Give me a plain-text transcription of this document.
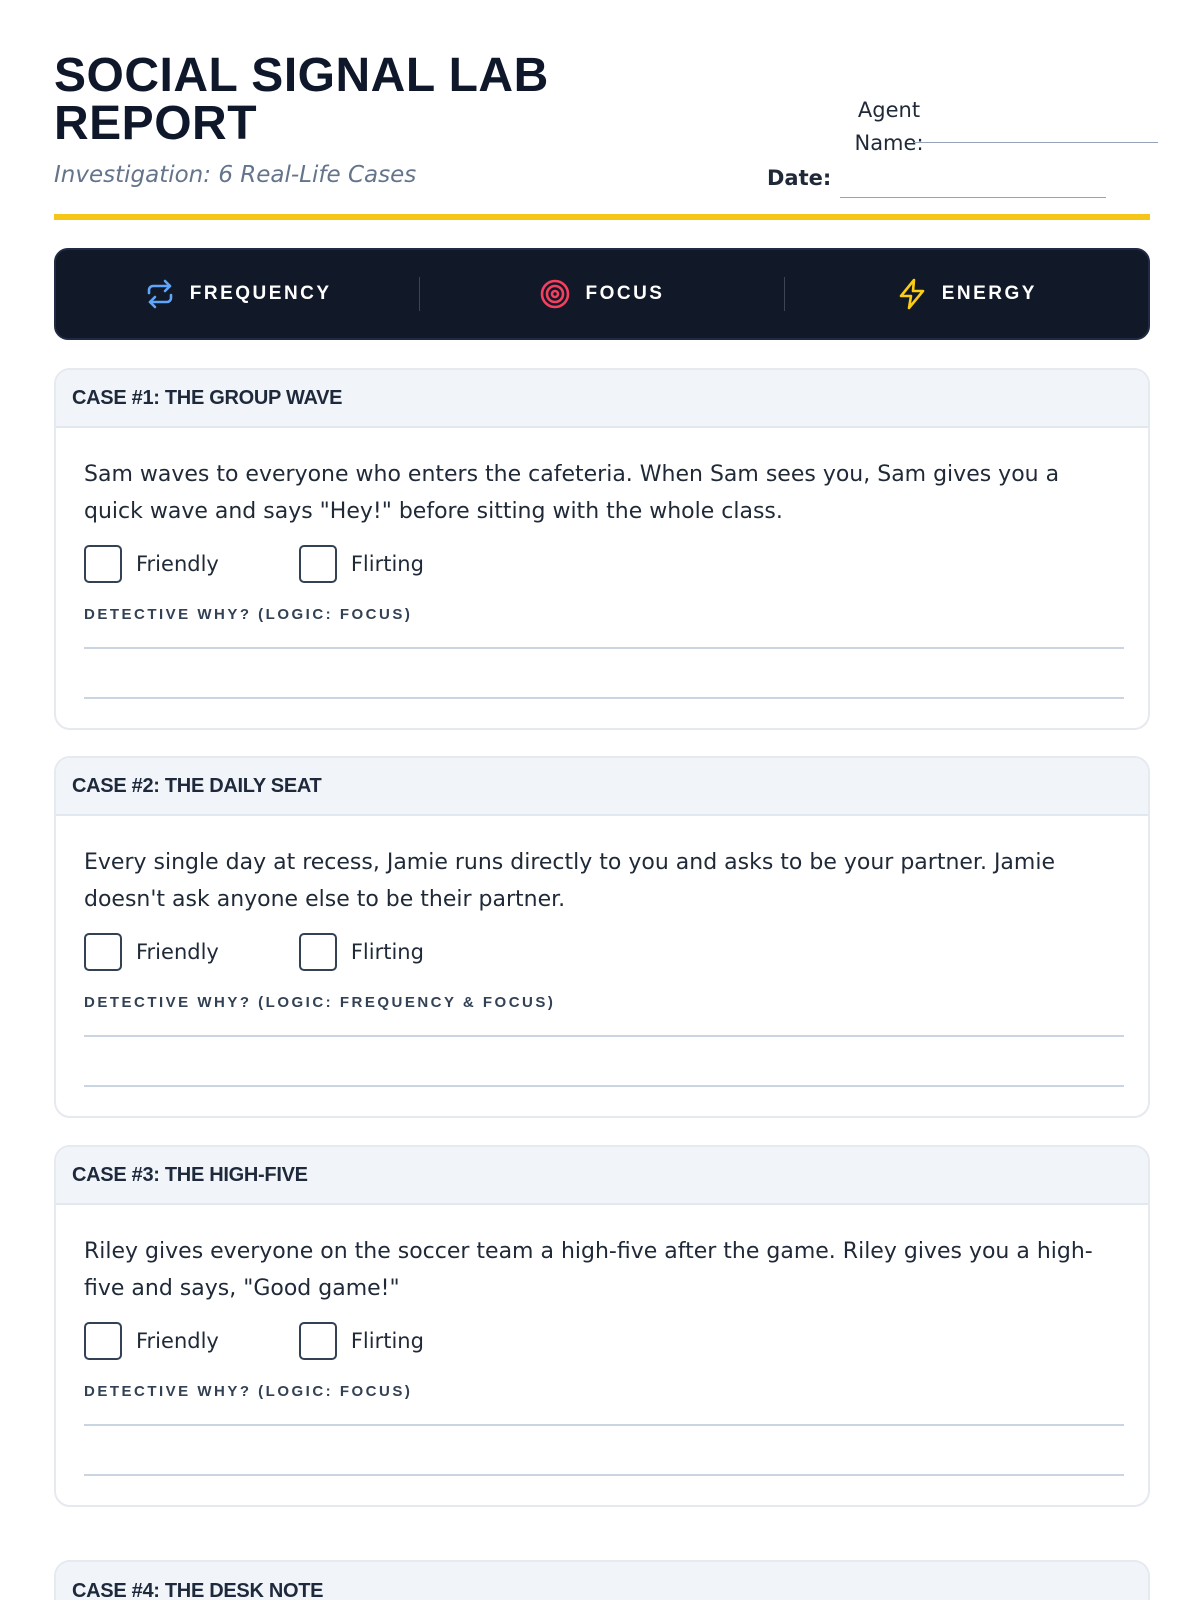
SOCIAL SIGNAL LAB REPORT
Investigation: 6 Real-Life Cases
Agent
Name:
Date:
FREQUENCY	FOCUS	ENERGY
CASE #1: THE GROUP WAVE
Sam waves to everyone who enters the cafeteria. When Sam sees you, Sam gives you a quick wave and says "Hey!" before sitting with the whole class.
Friendly	Flirting
DETECTIVE WHY? (LOGIC: FOCUS)
CASE #2: THE DAILY SEAT
Every single day at recess, Jamie runs directly to you and asks to be your partner. Jamie doesn't ask anyone else to be their partner.
Friendly	Flirting
DETECTIVE WHY? (LOGIC: FREQUENCY & FOCUS)
CASE #3: THE HIGH-FIVE
Riley gives everyone on the soccer team a high-five after the game. Riley gives you a high-five and says, "Good game!"
Friendly	Flirting
DETECTIVE WHY? (LOGIC: FOCUS)
CASE #4: THE DESK NOTE
